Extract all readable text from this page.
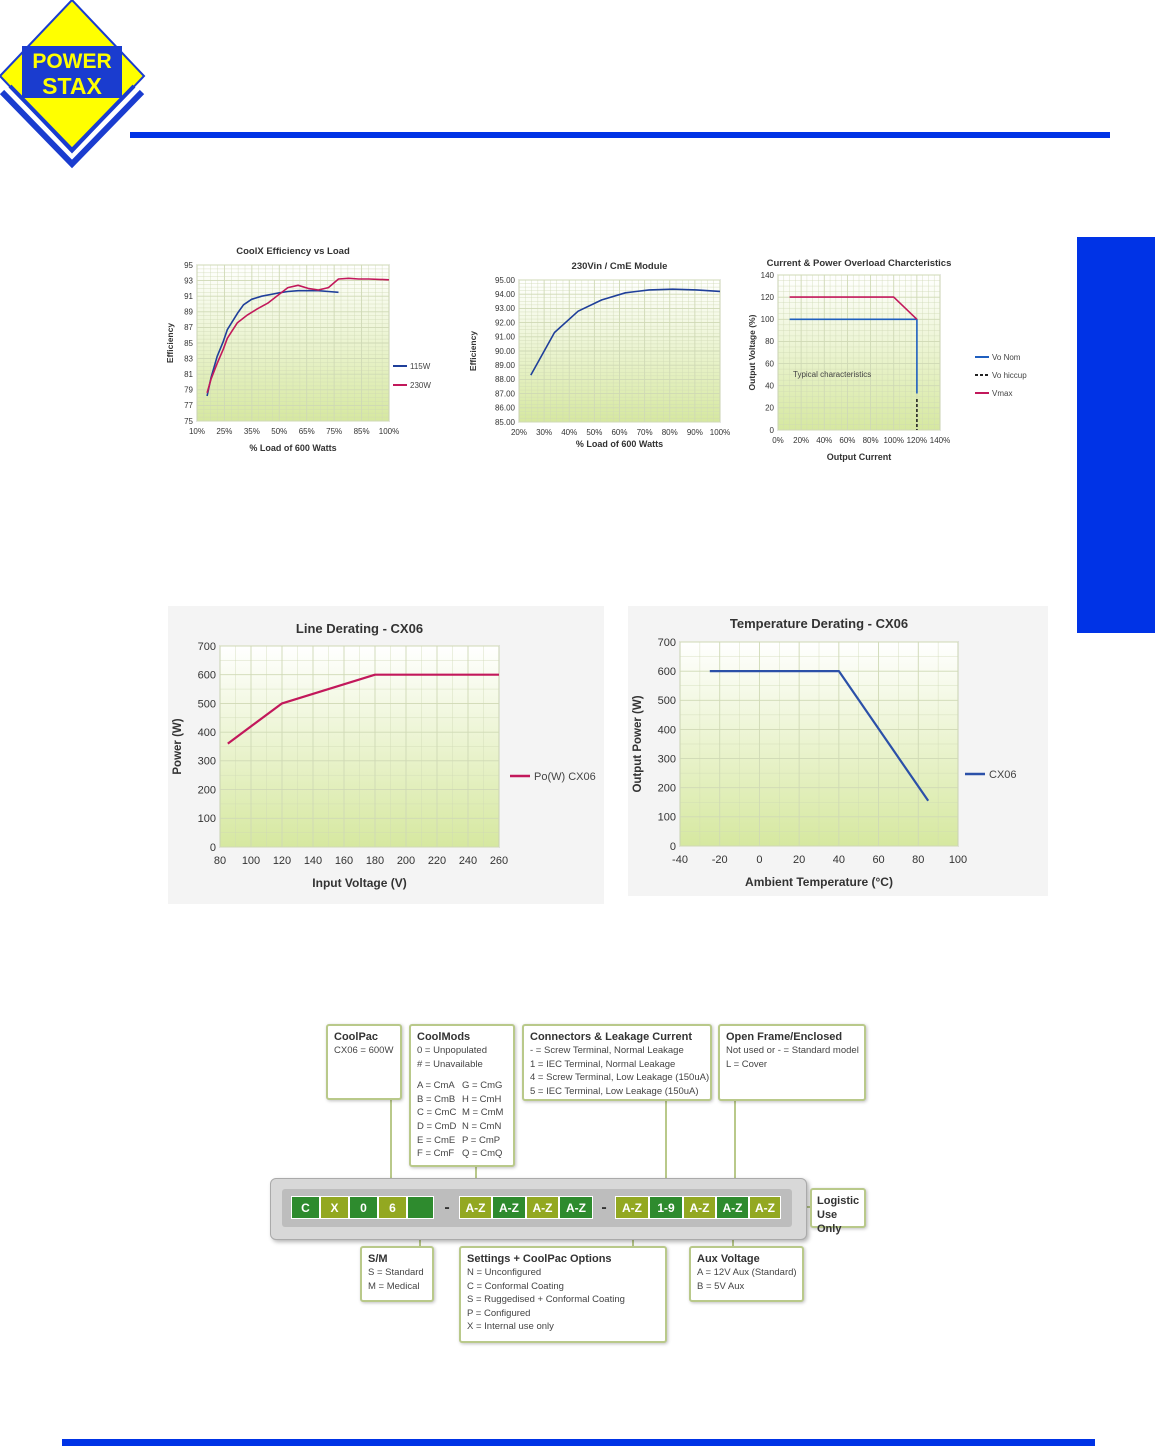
POWER
STAX
10% 25% 35% 50% 65% 75% 85% 100%
95
93
91
89
87
85
83
81
79
77
75
CoolX Efficiency vs Load
% Load of 600 Watts
Efficiency
115W
230W
20% 30% 40% 50% 60% 70% 80% 90% 100%
95.00
94.00
93.00
92.00
91.00
90.00
89.00
88.00
87.00
86.00
85.00
230Vin / CmE Module
% Load of 600 Watts
Efficiency
0% 20% 40% 60% 80% 100% 120% 140%
140
120
100
80
60
40
20
0
Current & Power Overload Charcteristics
Output Current
Output Voltage (%)	Typical characteristics
Vo Nom
Vo hiccup
Vmax
80 100 120 140 160 180 200 220 240 260
700
600
500
400
300
200
100
0
Line Derating - CX06
Input Voltage (V)
Power (W)
Po(W) CX06
-40 -20	0	20 40 60 80 100
700
600
500
400
300
200
100
0
Temperature Derating - CX06
Ambient Temperature (°C)
Output Power (W)	CX06
C	X	0	6	-	A-Z	A-Z	A-Z	A-Z -	A-Z	1-9	A-Z	A-Z	A-Z
CoolPac
CX06 = 600W
CoolMods
0 = Unpopulated
# = Unavailable
A = CmA
B = CmB
C = CmC
D = CmD
E = CmE
F = CmF
G = CmG
H = CmH
M = CmM
N = CmN
P = CmP
Q = CmQ
Connectors & Leakage Current
- = Screw Terminal, Normal Leakage
1 = IEC Terminal, Normal Leakage
4 = Screw Terminal, Low Leakage (150uA)
5 = IEC Terminal, Low Leakage (150uA)
Open Frame/Enclosed
Not used or - = Standard model
L = Cover
Logistic
Use Only
S/M
S = Standard
M = Medical
Settings + CoolPac Options
N = Unconfigured
C = Conformal Coating
S = Ruggedised + Conformal Coating
P = Configured
X = Internal use only
Aux Voltage
A = 12V Aux (Standard)
B = 5V Aux
